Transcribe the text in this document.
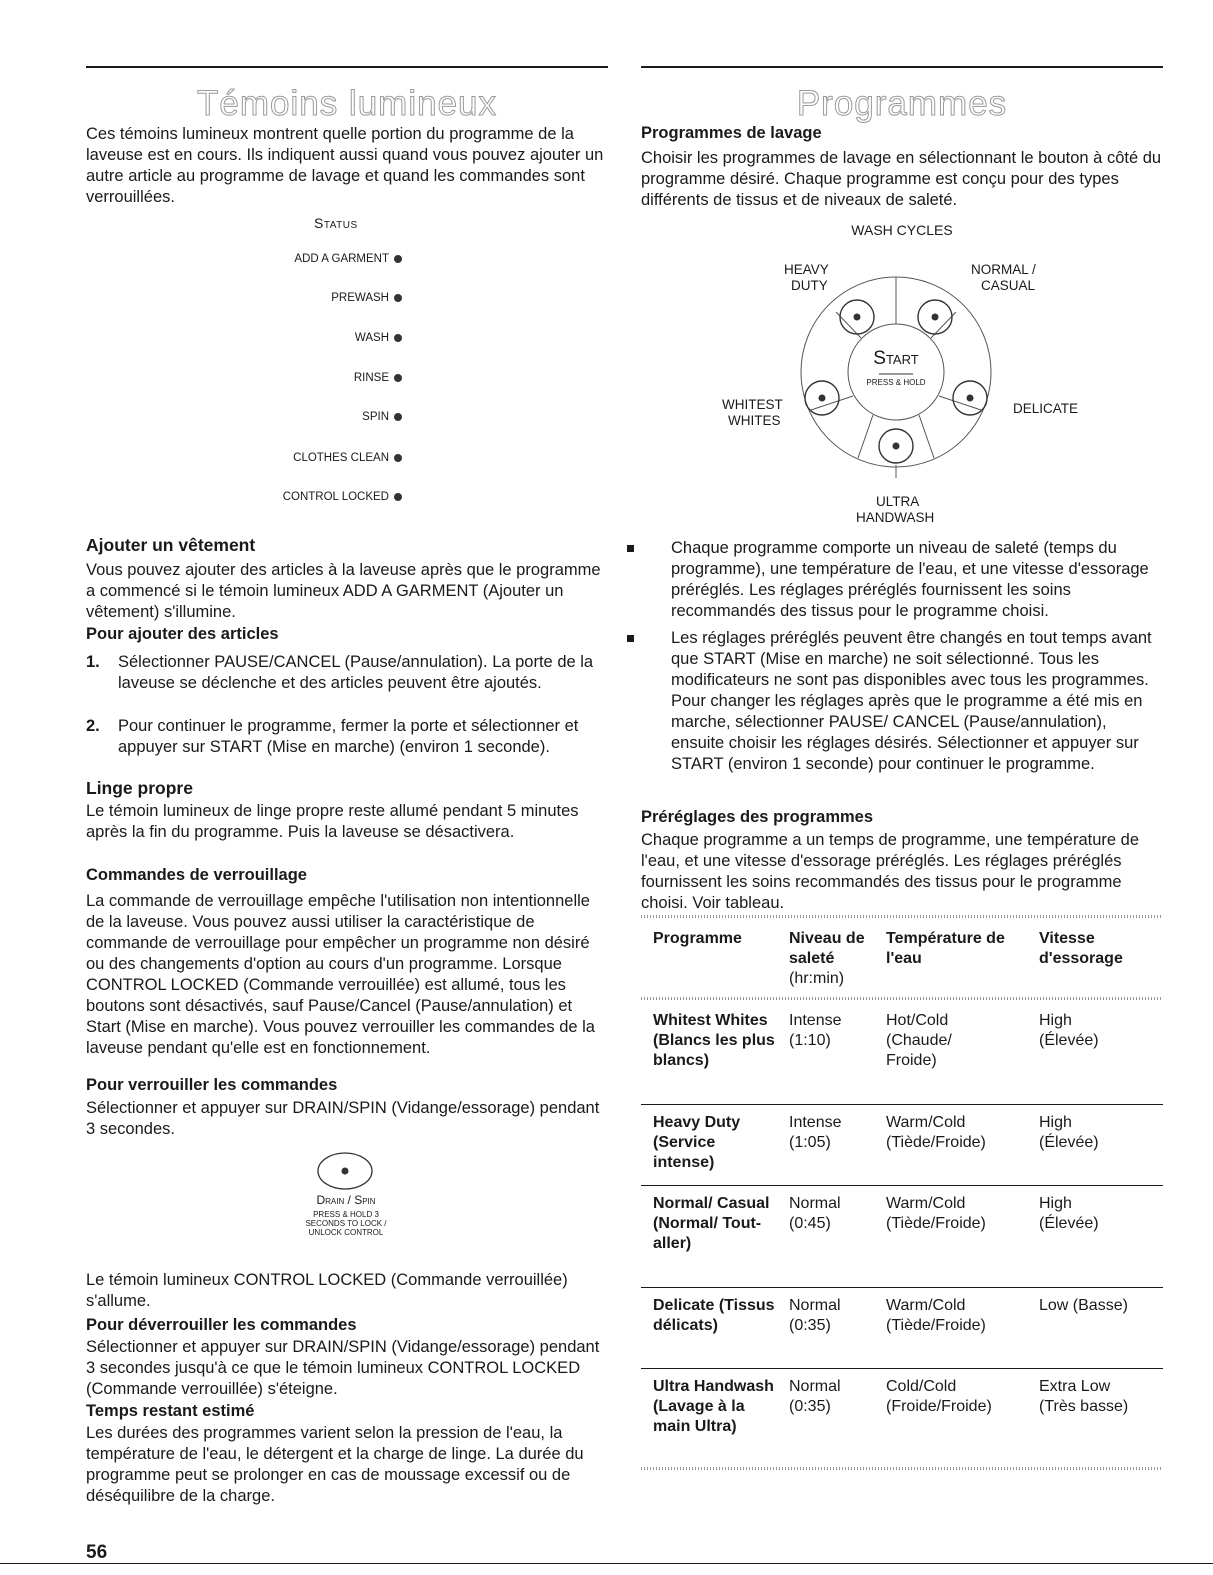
Témoins lumineux

Ces témoins lumineux montrent quelle portion du programme de la laveuse est en cours. Ils indiquent aussi quand vous pouvez ajouter un autre article au programme de lavage et quand les commandes sont verrouillées.

Status
ADD A GARMENT
PREWASH
WASH
RINSE
SPIN
CLOTHES CLEAN
CONTROL LOCKED
Ajouter un vêtement

Vous pouvez ajouter des articles à la laveuse après que le programme a commencé si le témoin lumineux ADD A GARMENT (Ajouter un vêtement) s'illumine.

Pour ajouter des articles
1. Sélectionner PAUSE/CANCEL (Pause/annulation). La porte de la laveuse se déclenche et des articles peuvent être ajoutés.

2. Pour continuer le programme, fermer la porte et sélectionner et appuyer sur START (Mise en marche) (environ 1 seconde).

Linge propre

Le témoin lumineux de linge propre reste allumé pendant 5 minutes après la fin du programme. Puis la laveuse se désactivera.

Commandes de verrouillage

La commande de verrouillage empêche l'utilisation non intentionnelle de la laveuse. Vous pouvez aussi utiliser la caractéristique de commande de verrouillage pour empêcher un programme non désiré ou des changements d'option au cours d'un programme. Lorsque CONTROL LOCKED (Commande verrouillée) est allumé, tous les boutons sont désactivés, sauf Pause/Cancel (Pause/annulation) et Start (Mise en marche). Vous pouvez verrouiller les commandes de la laveuse pendant qu'elle est en fonctionnement.

Pour verrouiller les commandes

Sélectionner et appuyer sur DRAIN/SPIN (Vidange/essorage) pendant 3 secondes.

Drain / Spin
PRESS & HOLD 3
SECONDS TO LOCK /
UNLOCK CONTROL

Le témoin lumineux CONTROL LOCKED (Commande verrouillée) s'allume.

Pour déverrouiller les commandes

Sélectionner et appuyer sur DRAIN/SPIN (Vidange/essorage) pendant 3 secondes jusqu'à ce que le témoin lumineux CONTROL LOCKED (Commande verrouillée) s'éteigne.

Temps restant estimé

Les durées des programmes varient selon la pression de l'eau, la température de l'eau, le détergent et la charge de linge. La durée du programme peut se prolonger en cas de moussage excessif ou de déséquilibre de la charge.

56
Programmes
Programmes de lavage

Choisir les programmes de lavage en sélectionnant le bouton à côté du programme désiré. Chaque programme est conçu pour des types différents de tissus et de niveaux de saleté.

WASH CYCLES
Start
PRESS & HOLD
HEAVY
DUTY
NORMAL /
CASUAL
WHITEST
WHITES
DELICATE
ULTRA
HANDWASH

Chaque programme comporte un niveau de saleté (temps du programme), une température de l'eau, et une vitesse d'essorage préréglés. Les réglages préréglés fournissent les soins recommandés des tissus pour le programme choisi.

Les réglages préréglés peuvent être changés en tout temps avant que START (Mise en marche) ne soit sélectionné. Tous les modificateurs ne sont pas disponibles avec tous les programmes. Pour changer les réglages après que le programme a été mis en marche, sélectionner PAUSE/ CANCEL (Pause/annulation), ensuite choisir les réglages désirés. Sélectionner et appuyer sur START (environ 1 seconde) pour continuer le programme.

Préréglages des programmes

Chaque programme a un temps de programme, une température de l'eau, et une vitesse d'essorage préréglés. Les réglages préréglés fournissent les soins recommandés des tissus pour le programme choisi. Voir tableau.

Programme	Niveau de saleté
(hr:min)
Température de l'eau
Vitesse d'essorage
Whitest Whites (Blancs les plus blancs)
Intense
(1:10)
Hot/Cold
(Chaude/ Froide)
High
(Élevée)
Heavy Duty (Service intense)
Intense
(1:05)
Warm/Cold
(Tiède/Froide)
High
(Élevée)
Normal/ Casual (Normal/ Tout-aller)
Normal
(0:45)
Warm/Cold
(Tiède/Froide)
High
(Élevée)
Delicate (Tissus délicats)
Normal
(0:35)
Warm/Cold
(Tiède/Froide)
Low (Basse)
Ultra Handwash (Lavage à la main Ultra)
Normal
(0:35)
Cold/Cold
(Froide/Froide)
Extra Low
(Très basse)
